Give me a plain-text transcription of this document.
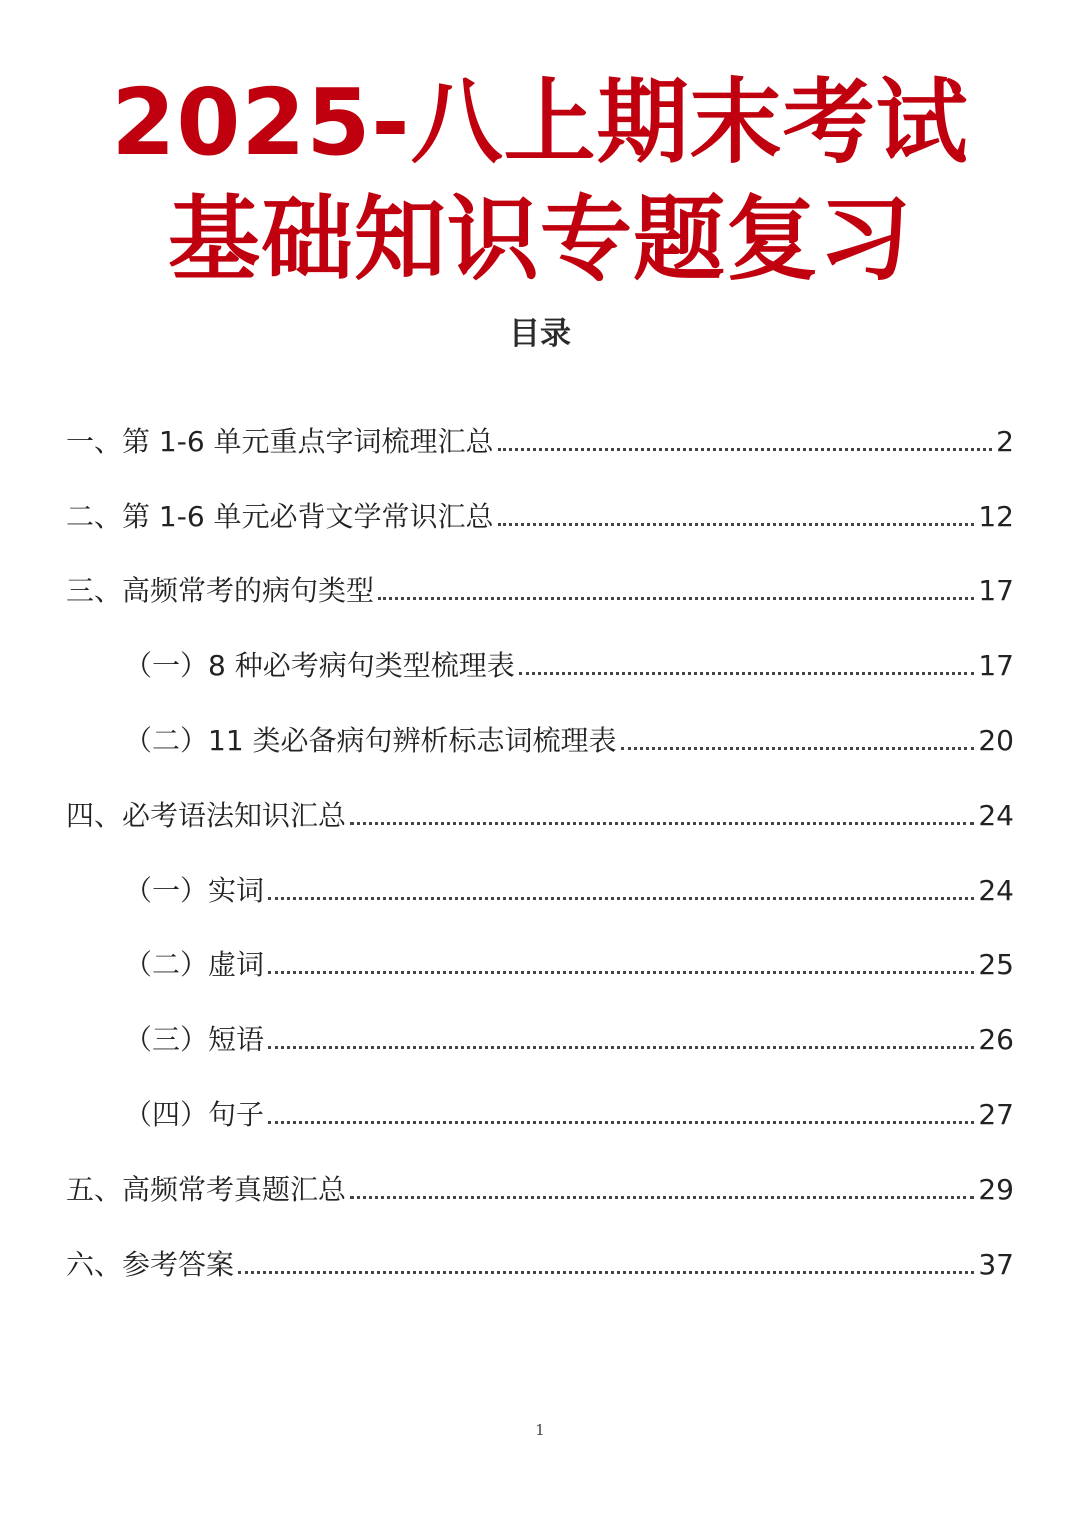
2025-八上期末考试
基础知识专题复习
目录
一、第 1-6 单元重点字词梳理汇总	2
二、第 1-6 单元必背文学常识汇总	12
三、高频常考的病句类型	17
（一）8 种必考病句类型梳理表	17
（二）11 类必备病句辨析标志词梳理表	20
四、必考语法知识汇总	24
（一）实词	24
（二）虚词	25
（三）短语	26
（四）句子	27
五、高频常考真题汇总	29
六、参考答案	37
1
